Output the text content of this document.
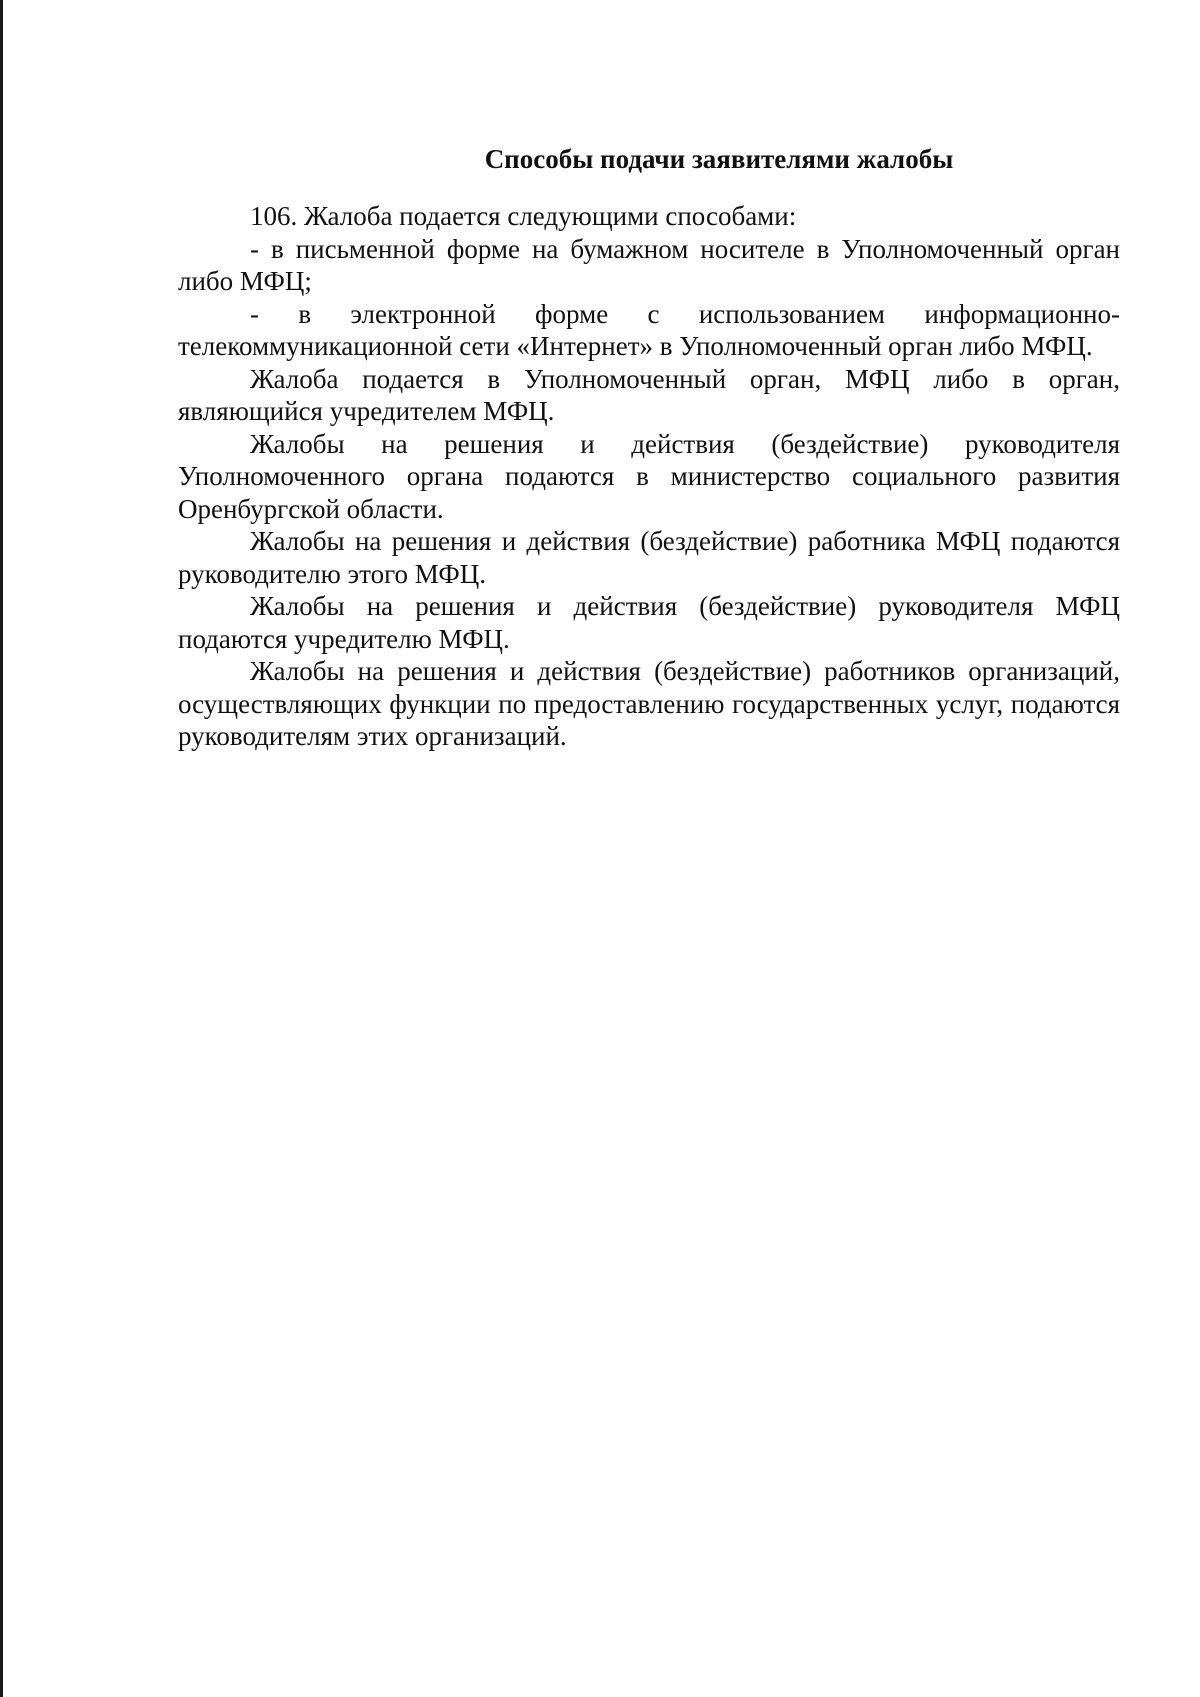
Способы подачи заявителями жалобы

106. Жалоба подается следующими способами:

- в письменной форме на бумажном носителе в Уполномоченный орган либо МФЦ;

- в электронной форме с использованием информационно-телекоммуникационной сети «Интернет» в Уполномоченный орган либо МФЦ.

Жалоба подается в Уполномоченный орган, МФЦ либо в орган, являющийся учредителем МФЦ.

Жалобы на решения и действия (бездействие) руководителя Уполномоченного органа подаются в министерство социального развития Оренбургской области.

Жалобы на решения и действия (бездействие) работника МФЦ подаются руководителю этого МФЦ.

Жалобы на решения и действия (бездействие) руководителя МФЦ подаются учредителю МФЦ.

Жалобы на решения и действия (бездействие) работников организаций, осуществляющих функции по предоставлению государственных услуг, подаются руководителям этих организаций.
